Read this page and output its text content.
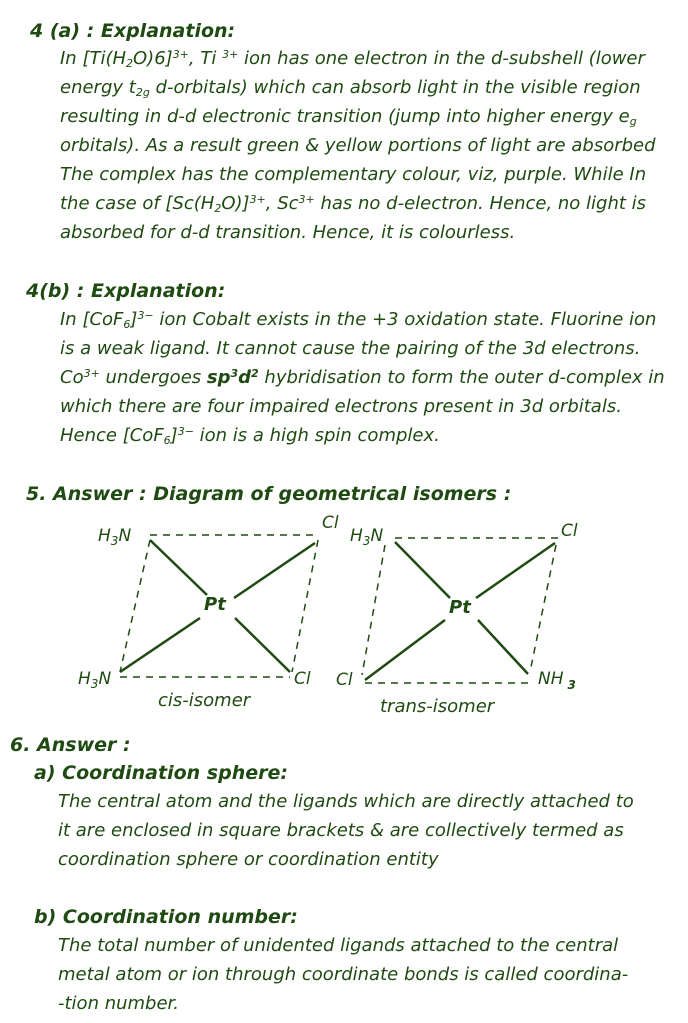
4 (a) : Explanation:
In $[Ti(H_2O)6]^{3+}$, Ti $^{3+}$ ion has one electron in the d-subshell (lower
energy $t_{2g}$ d-orbitals) which can absorb light in the visible region
resulting in d-d electronic transition (jump into higher energy $e_g$
orbitals). As a result green & yellow portions of light are absorbed
The complex has the complementary colour, viz, purple. While In
the case of $[Sc(H_2O)]^{3+}$, $Sc^{3+}$ has no d-electron. Hence, no light is
absorbed for d-d transition. Hence, it is colourless.
4(b) : Explanation:
In $[CoF_6]^{3-}$ ion Cobalt exists in the +3 oxidation state. Fluorine ion
is a weak ligand. It cannot cause the pairing of the 3d electrons.
$Co^{3+}$ undergoes $sp^3d^2$ hybridisation to form the outer d-complex in
which there are four impaired electrons present in 3d orbitals.
Hence $[CoF_6]^{3-}$ ion is a high spin complex.
5. Answer : Diagram of geometrical isomers :
$H_3N$
Cl
$H_3N$	Cl
Pt
cis-isomer
$H_3N$	Cl
Cl	NH $_3$
Pt
trans-isomer
6. Answer :
a) Coordination sphere:
The central atom and the ligands which are directly attached to
it are enclosed in square brackets & are collectively termed as
coordination sphere or coordination entity
b) Coordination number:
The total number of unidented ligands attached to the central
metal atom or ion through coordinate bonds is called coordina-
-tion number.
